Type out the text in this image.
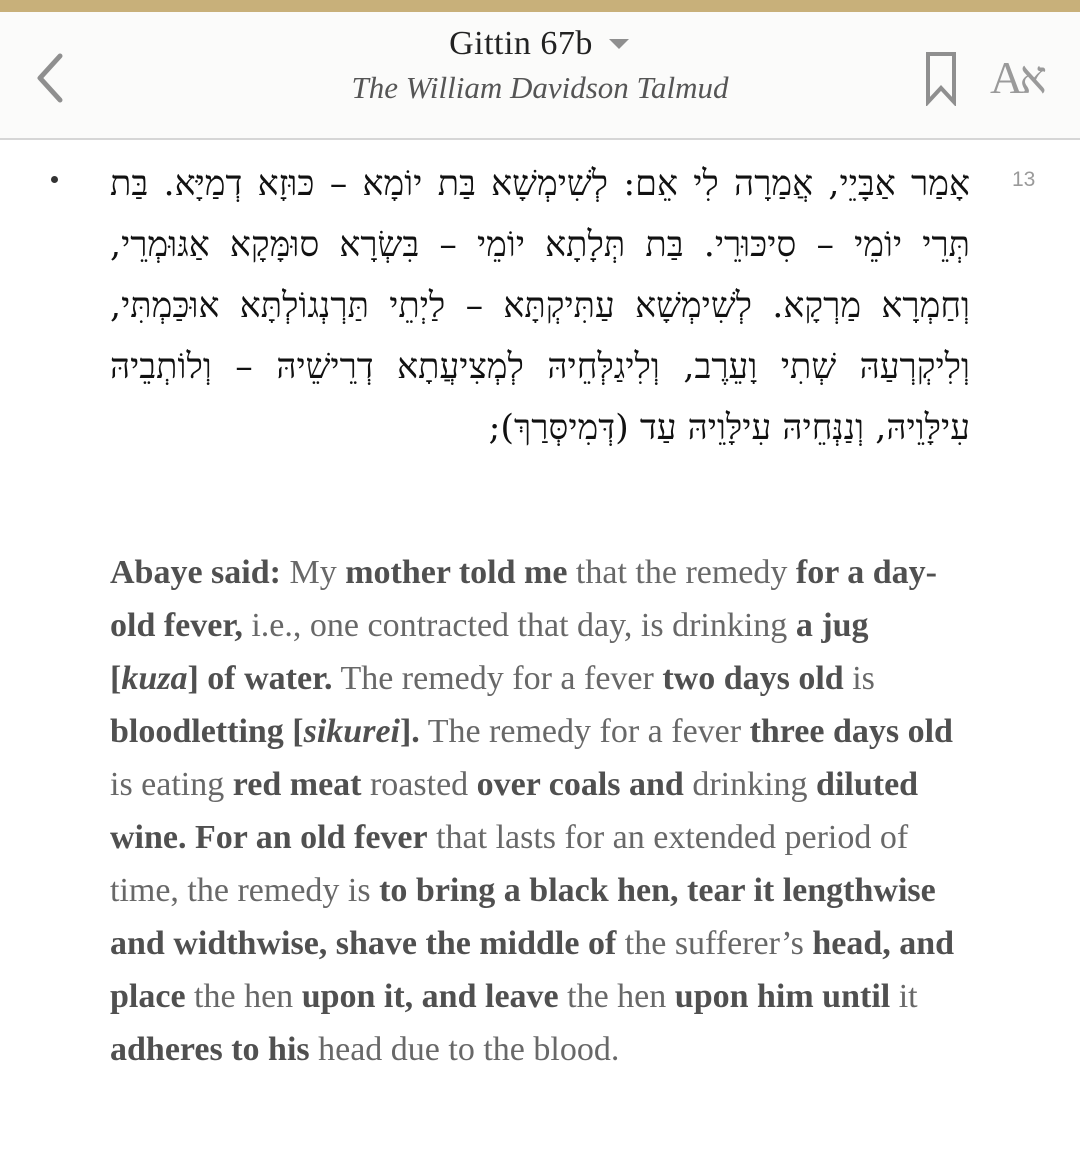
Gittin 67b
The William Davidson Talmud	A
א
13
אָמַר אַבָּיֵי, אֲמַרָה לִי אֵם: לְשִׁימְשָׁא בַּת יוֹמָא – כּוּזָא דְמַיָּא. בַּת תְּרֵי יוֹמֵי – סִיכּוּרֵי. בַּת תְּלָתָא יוֹמֵי – בִּשְׂרָא סוּמָּקָא אַגּוּמְרֵי, וְחַמְרָא מַרְקָא. לְשִׁימְשָׁא עַתִּיקְתָּא – לַיְתֵי תַּרְנְגוֹלְתָּא אוּכַּמְתִּי, וְלִיקְרְעַהּ שְׁתִי וָעֵרֶב, וְלִיגַלְּחֵיהּ לְמְצִיעֲתָא דְרֵישֵׁיהּ – וְלוֹתְבֵיהּ עִילָּוֵיהּ, וְנַנְּחֵיהּ עִילָּוֵיהּ עַד (דְּמִיסְּרַךְ);
Abaye said: My mother told me that the remedy for a day-old fever, i.e., one contracted that day, is drinking a jug [kuza] of water. The remedy for a fever two days old is bloodletting [sikurei]. The remedy for a fever three days old is eating red meat roasted over coals and drinking diluted wine. For an old fever that lasts for an extended period of time, the remedy is to bring a black hen, tear it lengthwise and widthwise, shave the middle of the sufferer’s head, and place the hen upon it, and leave the hen upon him until it adheres to his head due to the blood.
